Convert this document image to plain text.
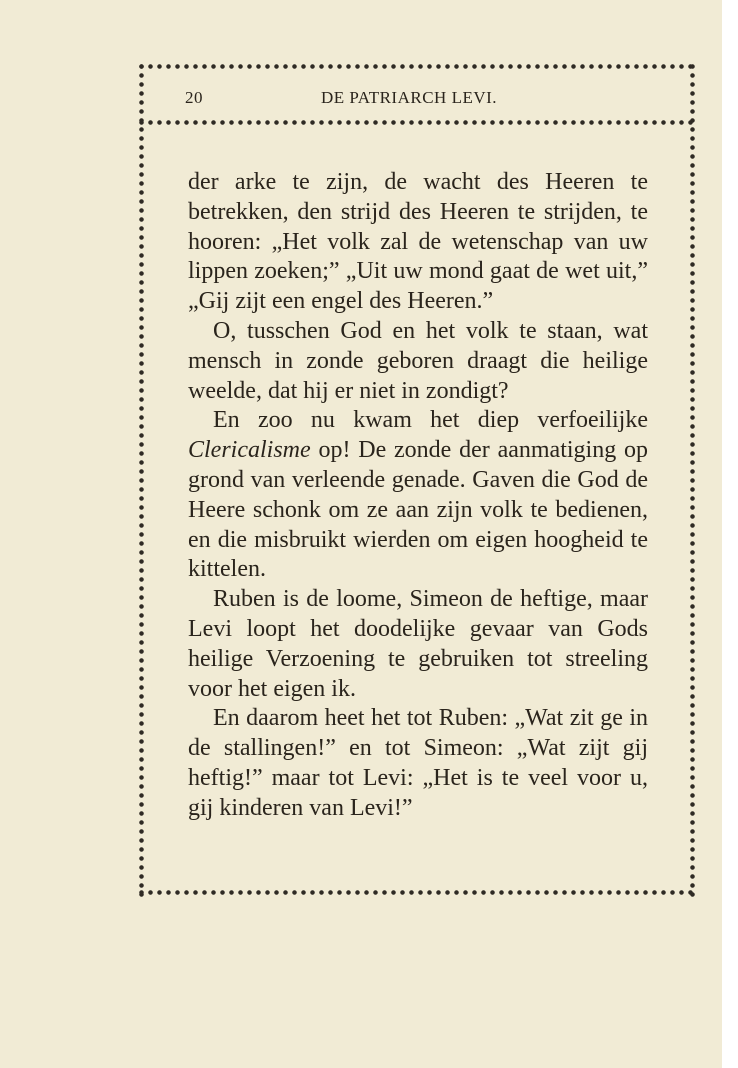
20	DE PATRIARCH LEVI.

der arke te zijn, de wacht des Heeren te betrekken, den strijd des Heeren te strijden, te hooren: „Het volk zal de wetenschap van uw lippen zoeken;” „Uit uw mond gaat de wet uit,” „Gij zijt een engel des Heeren.”

O, tusschen God en het volk te staan, wat mensch in zonde geboren draagt die heilige weelde, dat hij er niet in zondigt?

En zoo nu kwam het diep verfoeilijke Clericalisme op! De zonde der aanmatiging op grond van verleende genade. Gaven die God de Heere schonk om ze aan zijn volk te bedienen, en die misbruikt wierden om eigen hoogheid te kittelen.

Ruben is de loome, Simeon de heftige, maar Levi loopt het doodelijke gevaar van Gods heilige Verzoening te gebruiken tot streeling voor het eigen ik.

En daarom heet het tot Ruben: „Wat zit ge in de stallingen!” en tot Simeon: „Wat zijt gij heftig!” maar tot Levi: „Het is te veel voor u, gij kinderen van Levi!”
